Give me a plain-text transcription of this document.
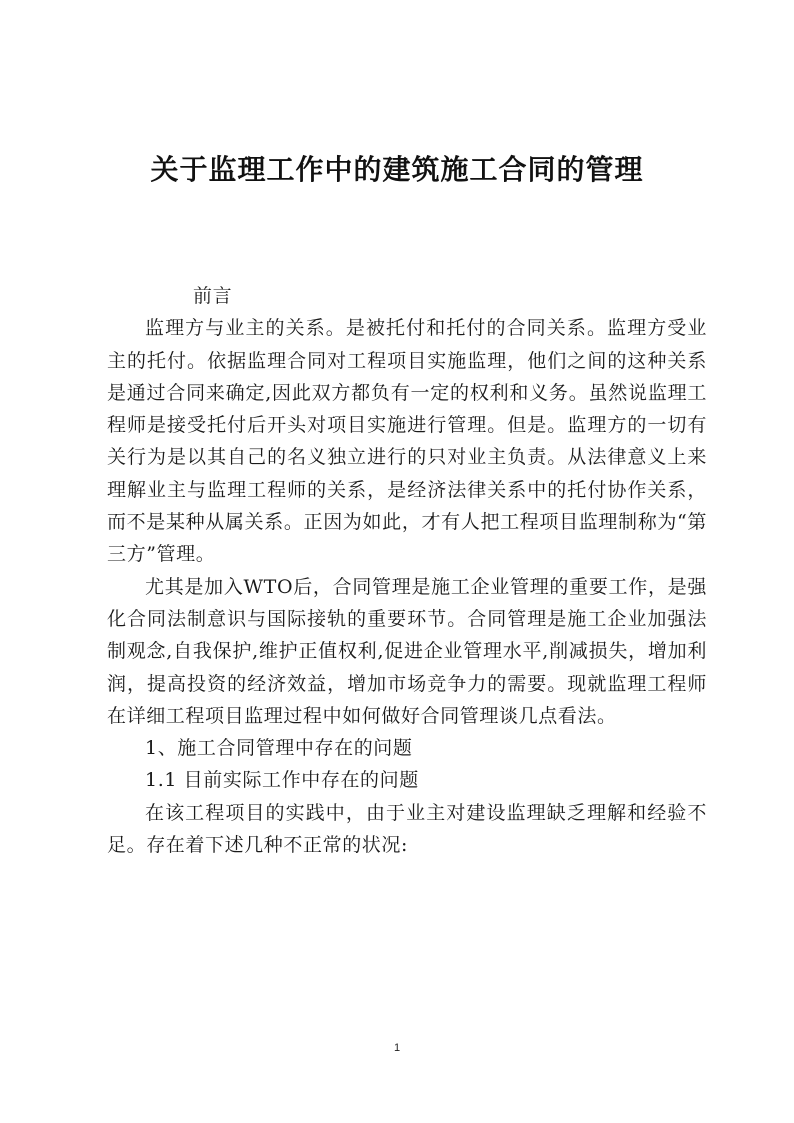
关于监理工作中的建筑施工合同的管理

前言

监理方与业主的关系。是被托付和托付的合同关系。监理方受业主的托付。依据监理合同对工程项目实施监理，他们之间的这种关系是通过合同来确定,因此双方都负有一定的权利和义务。虽然说监理工程师是接受托付后开头对项目实施进行管理。但是。监理方的一切有关行为是以其自己的名义独立进行的只对业主负责。从法律意义上来理解业主与监理工程师的关系，是经济法律关系中的托付协作关系， 而不是某种从属关系。正因为如此，才有人把工程项目监理制称为“第三方”管理。

尤其是加入WTO后，合同管理是施工企业管理的重要工作，是强化合同法制意识与国际接轨的重要环节。合同管理是施工企业加强法制观念,自我保护,维护正值权利,促进企业管理水平,削减损失，增加利润，提高投资的经济效益，增加市场竞争力的需要。现就监理工程师在详细工程项目监理过程中如何做好合同管理谈几点看法。

1、施工合同管理中存在的问题

1.1 目前实际工作中存在的问题

在该工程项目的实践中，由于业主对建设监理缺乏理解和经验不足。存在着下述几种不正常的状况:

1
